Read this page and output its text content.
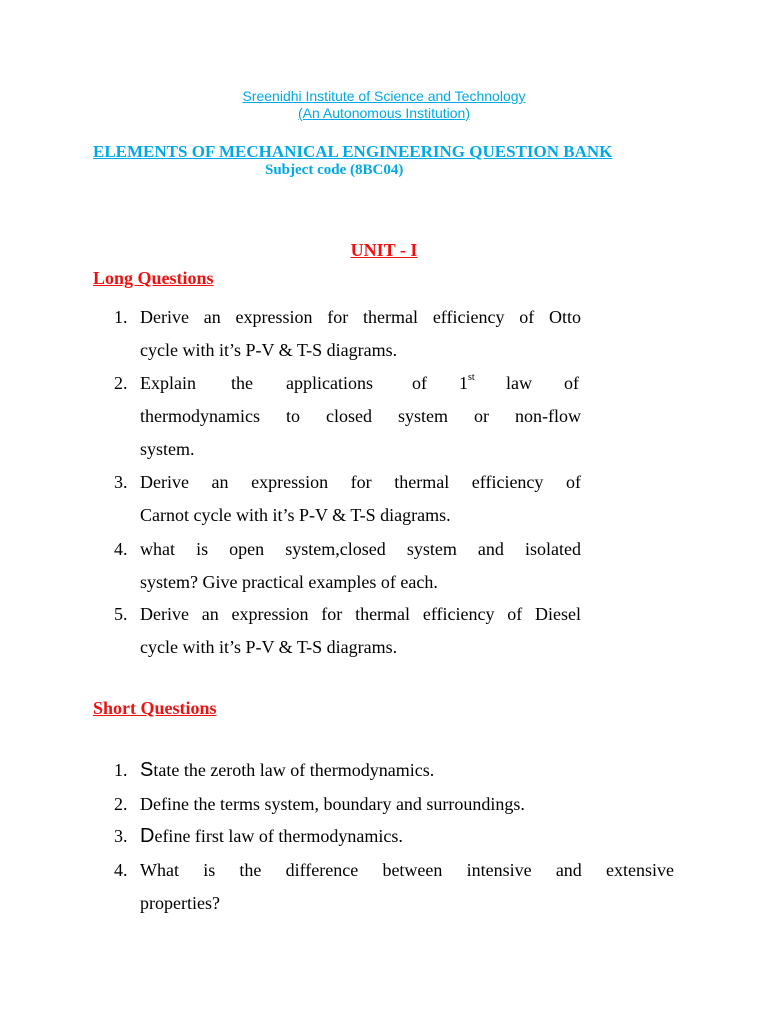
Sreenidhi Institute of Science and Technology
(An Autonomous Institution)
ELEMENTS OF MECHANICAL ENGINEERING QUESTION BANK
Subject code (8BC04)
UNIT - I
Long Questions
1. Derive an expression for thermal efficiency of Otto
cycle with it’s P-V & T-S diagrams.
2. Explain the applications of 1st law of
thermodynamics to closed system or non-flow
system.
3. Derive an expression for thermal efficiency of
Carnot cycle with it’s P-V & T-S diagrams.
4. what is open system,closed system and isolated
system? Give practical examples of each.
5. Derive an expression for thermal efficiency of Diesel
cycle with it’s P-V & T-S diagrams.
Short Questions
1. State the zeroth law of thermodynamics.
2. Define the terms system, boundary and surroundings.
3. Define first law of thermodynamics.
4. What is the difference between intensive and extensive
properties?
